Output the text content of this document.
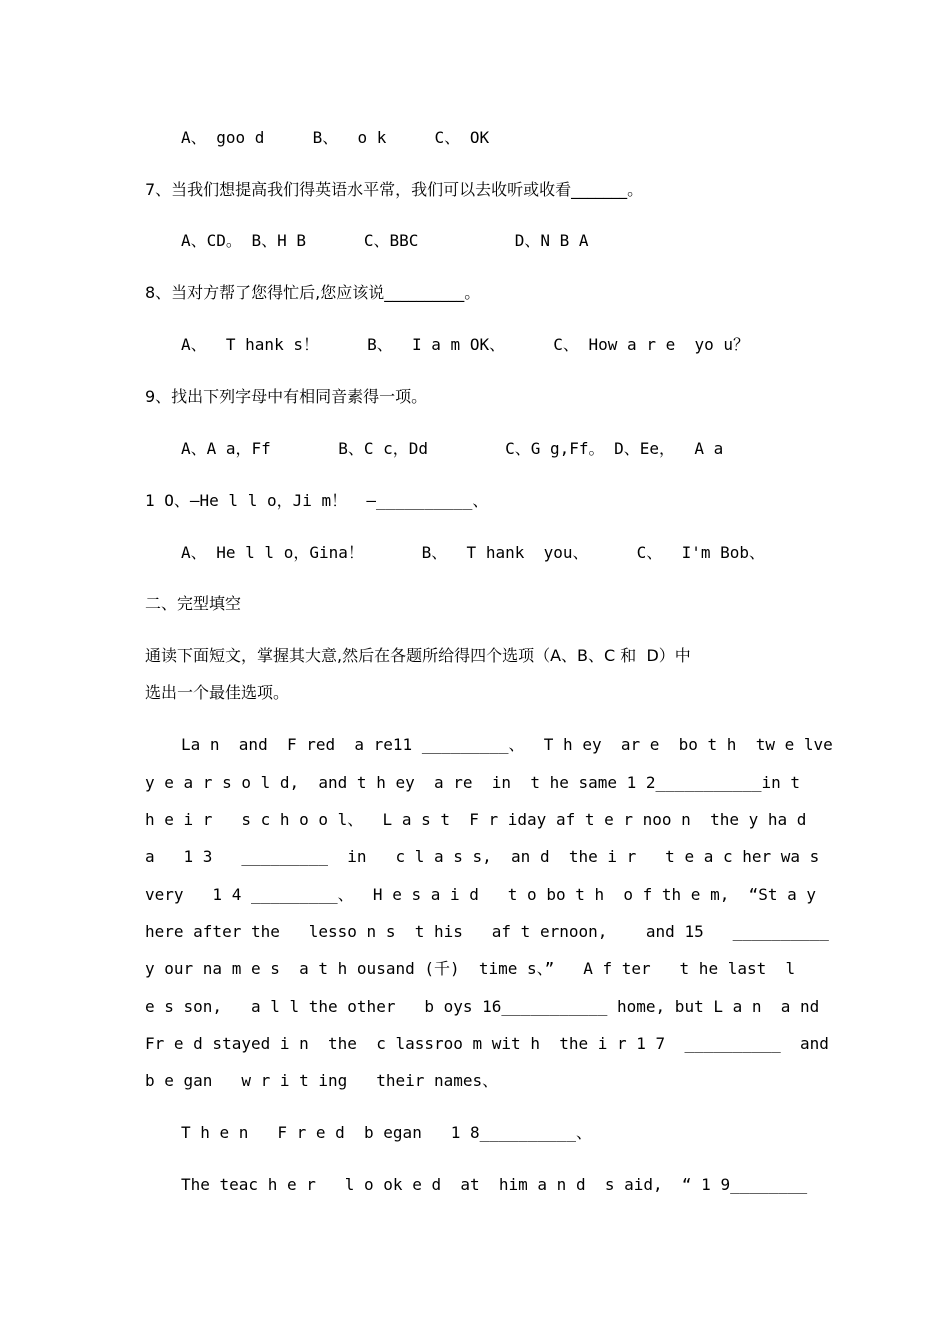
A、 goo d     B、  o k     C、 OK
7、当我们想提高我们得英语水平常，我们可以去收听或收看_______。
A、CD。 B、H B      C、BBC          D、N B A
8、当对方帮了您得忙后,您应该说__________。
A、  T hank s！     B、  I a m OK、     C、 How a r e  yo u？
9、找出下列字母中有相同音素得一项。
A、A a，Ff       B、C c，Dd        C、G g,Ff。 D、Ee，  A a
1 O、—He l l o，Ji m！  —__________、
A、 He l l o，Gina！      B、  T hank  you、     C、  I'm Bob、
二、完型填空
通读下面短文，掌握其大意,然后在各题所给得四个选项（A、B、C 和  D）中
选出一个最佳选项。
La n  and  F red  a re11 _________、  T h ey  ar e  bo t h  tw e lve
y e a r s o l d,  and t h ey  a re  in  t he same 1 2___________in t
h e i r   s c h o o l、  L a s t  F r iday af t e r noo n  the y ha d
a   1 3   _________  in   c l a s s,  an d  the i r   t e a c her wa s
very   1 4 _________、  H e s a i d   t o bo t h  o f th e m,  “St a y
here after the   lesso n s  t his   af t ernoon,    and 15   __________
y our na m e s  a t h ousand (千)  time s、”   A f ter   t he last  l
e s son,   a l l the other   b oys 16___________ home, but L a n  a nd
Fr e d stayed i n  the  c lassroo m wit h  the i r 1 7  __________  and
b e gan   w r i t ing   their names、
T h e n   F r e d  b egan   1 8__________、
The teac h e r   l o ok e d  at  him a n d  s aid,  “ 1 9________
